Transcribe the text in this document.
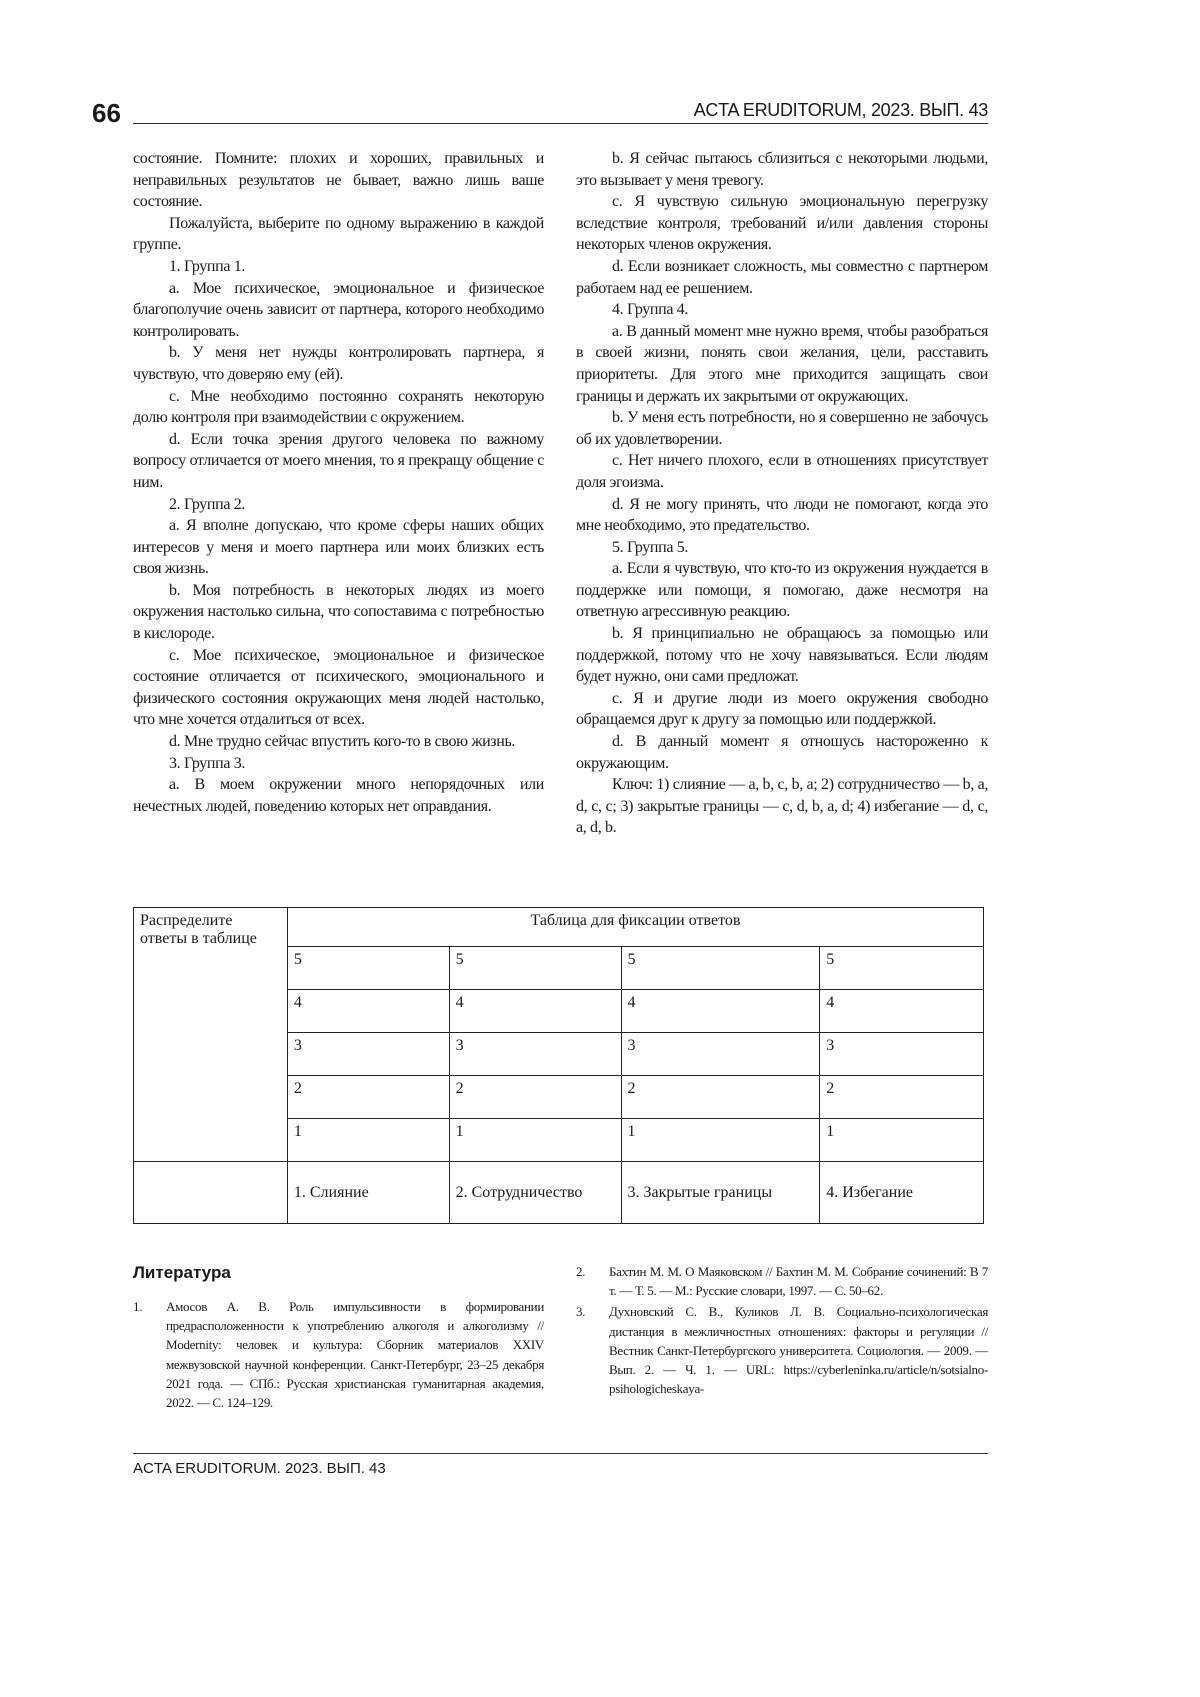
66	ACTA ERUDITORUM, 2023. ВЫП. 43

состояние. Помните: плохих и хороших, правильных и неправильных результатов не бывает, важно лишь ваше состояние.

Пожалуйста, выберите по одному выражению в каждой группе.

1. Группа 1.

a. Мое психическое, эмоциональное и физическое благополучие очень зависит от партнера, которого необходимо контролировать.

b. У меня нет нужды контролировать партнера, я чувствую, что доверяю ему (ей).

c. Мне необходимо постоянно сохранять некоторую долю контроля при взаимодействии с окружением.

d. Если точка зрения другого человека по важному вопросу отличается от моего мнения, то я прекращу общение с ним.

2. Группа 2.

a. Я вполне допускаю, что кроме сферы наших общих интересов у меня и моего партнера или моих близких есть своя жизнь.

b. Моя потребность в некоторых людях из моего окружения настолько сильна, что сопоставима с потребностью в кислороде.

c. Мое психическое, эмоциональное и физическое состояние отличается от психического, эмоционального и физического состояния окружающих меня людей настолько, что мне хочется отдалиться от всех.

d. Мне трудно сейчас впустить кого-то в свою жизнь.

3. Группа 3.

a. В моем окружении много непорядочных или нечестных людей, поведению которых нет оправдания.

b. Я сейчас пытаюсь сблизиться с некоторыми людьми, это вызывает у меня тревогу.

c. Я чувствую сильную эмоциональную перегрузку вследствие контроля, требований и/или давления стороны некоторых членов окружения.

d. Если возникает сложность, мы совместно с партнером работаем над ее решением.

4. Группа 4.

a. В данный момент мне нужно время, чтобы разобраться в своей жизни, понять свои желания, цели, расставить приоритеты. Для этого мне приходится защищать свои границы и держать их закрытыми от окружающих.

b. У меня есть потребности, но я совершенно не забочусь об их удовлетворении.

c. Нет ничего плохого, если в отношениях присутствует доля эгоизма.

d. Я не могу принять, что люди не помогают, когда это мне необходимо, это предательство.

5. Группа 5.

a. Если я чувствую, что кто-то из окружения нуждается в поддержке или помощи, я помогаю, даже несмотря на ответную агрессивную реакцию.

b. Я принципиально не обращаюсь за помощью или поддержкой, потому что не хочу навязываться. Если людям будет нужно, они сами предложат.

c. Я и другие люди из моего окружения свободно обращаемся друг к другу за помощью или поддержкой.

d. В данный момент я отношусь настороженно к окружающим.

Ключ: 1) слияние — a, b, c, b, a; 2) сотрудничество — b, a, d, c, c; 3) закрытые границы — c, d, b, a, d; 4) избегание — d, c, a, d, b.

Распределите ответы в таблице	Таблица для фиксации ответов
5	5	5	5
4	4	4	4
3	3	3	3
2	2	2	2
1	1	1	1
	1. Слияние	2. Сотрудничество	3. Закрытые границы	4. Избегание
Литература
1.	Амосов А. В. Роль импульсивности в формировании предрасположенности к употреблению алкоголя и алкоголизму // Modernity: человек и культура: Сборник материалов XXIV межвузовской научной конференции. Санкт-Петербург, 23–25 декабря 2021 года. — СПб.: Русская христианская гуманитарная академия, 2022. — С. 124–129.
2.	Бахтин М. М. О Маяковском // Бахтин М. М. Собрание сочинений: В 7 т. — Т. 5. — М.: Русские словари, 1997. — С. 50–62.
3.	Духновский С. В., Куликов Л. В. Социально-психологическая дистанция в межличностных отношениях: факторы и регуляции // Вестник Санкт-Петербургского университета. Социология. — 2009. — Вып. 2. — Ч. 1. — URL: https://cyberleninka.ru/article/n/sotsialno-psihologicheskaya-
ACTA ERUDITORUM. 2023. ВЫП. 43
